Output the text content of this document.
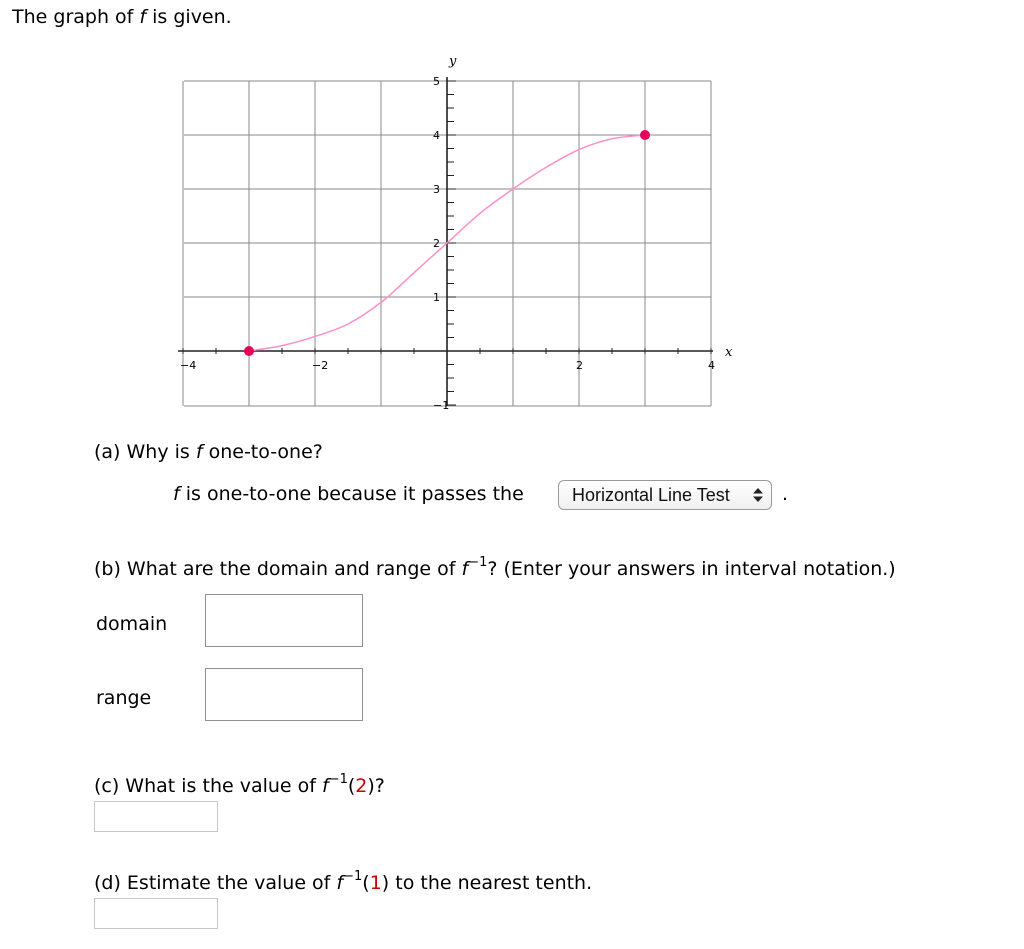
The graph of f is given.
−4	−2	2	4
5
4
3
2
1
−1
x
y
(a) Why is f one-to-one?
f is one-to-one because it passes the	Horizontal Line Test	.
(b) What are the domain and range of $f^{-1}$? (Enter your answers in interval notation.)
domain
range
(c) What is the value of $f^{-1}(2)$?
(d) Estimate the value of $f^{-1}(1)$ to the nearest tenth.
